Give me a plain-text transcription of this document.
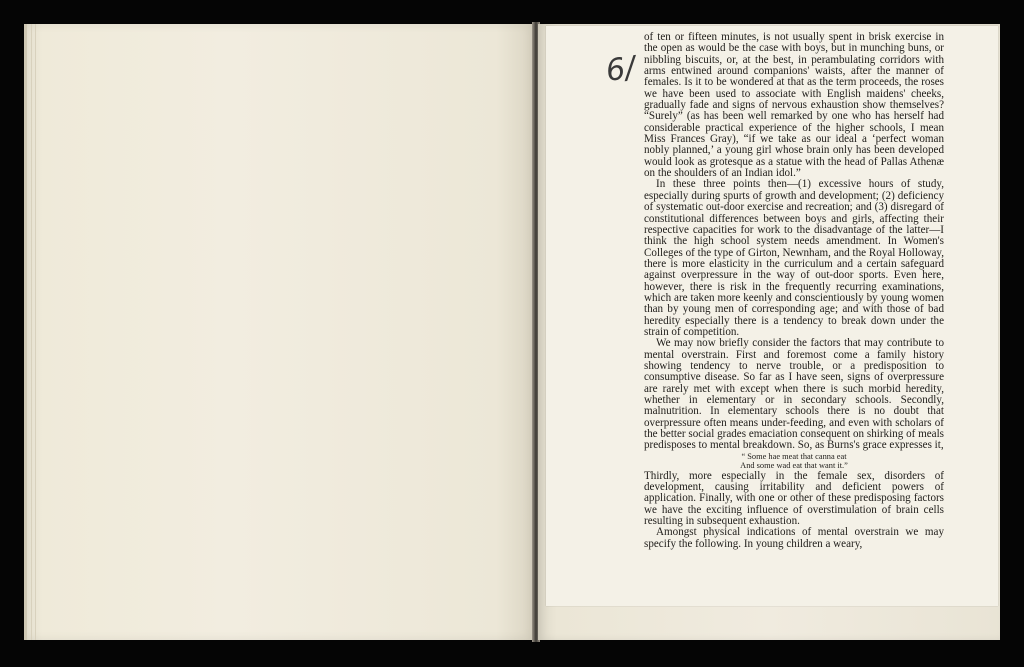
6/

of ten or fifteen minutes, is not usually spent in brisk exercise in the open as would be the case with boys, but in munching buns, or nibbling biscuits, or, at the best, in perambulating corridors with arms entwined around companions' waists, after the manner of females. Is it to be wondered at that as the term proceeds, the roses we have been used to associate with English maidens' cheeks, gradually fade and signs of nervous exhaustion show themselves? “Surely” (as has been well remarked by one who has herself had considerable practical experience of the higher schools, I mean Miss Frances Gray), “if we take as our ideal a ‘perfect woman nobly planned,’ a young girl whose brain only has been developed would look as grotesque as a statue with the head of Pallas Athenæ on the shoulders of an Indian idol.”

In these three points then—(1) excessive hours of study, especially during spurts of growth and development; (2) deficiency of systematic out-door exercise and recreation; and (3) disregard of constitutional differences between boys and girls, affecting their respective capacities for work to the disadvantage of the latter—I think the high school system needs amendment. In Women's Colleges of the type of Girton, Newnham, and the Royal Holloway, there is more elasticity in the curriculum and a certain safeguard against overpressure in the way of out-door sports. Even here, however, there is risk in the frequently recurring examinations, which are taken more keenly and conscientiously by young women than by young men of corresponding age; and with those of bad heredity especially there is a tendency to break down under the strain of competition.

We may now briefly consider the factors that may contribute to mental overstrain. First and foremost come a family history showing tendency to nerve trouble, or a predisposition to consumptive disease. So far as I have seen, signs of overpressure are rarely met with except when there is such morbid heredity, whether in elementary or in secondary schools. Secondly, malnutrition. In elementary schools there is no doubt that overpressure often means under-feeding, and even with scholars of the better social grades emaciation consequent on shirking of meals predisposes to mental breakdown. So, as Burns's grace expresses it,

“ Some hae meat that canna eat

And some wad eat that want it.”

Thirdly, more especially in the female sex, disorders of development, causing irritability and deficient powers of application. Finally, with one or other of these predisposing factors we have the exciting influence of overstimulation of brain cells resulting in subsequent exhaustion.

Amongst physical indications of mental overstrain we may specify the following. In young children a weary,
